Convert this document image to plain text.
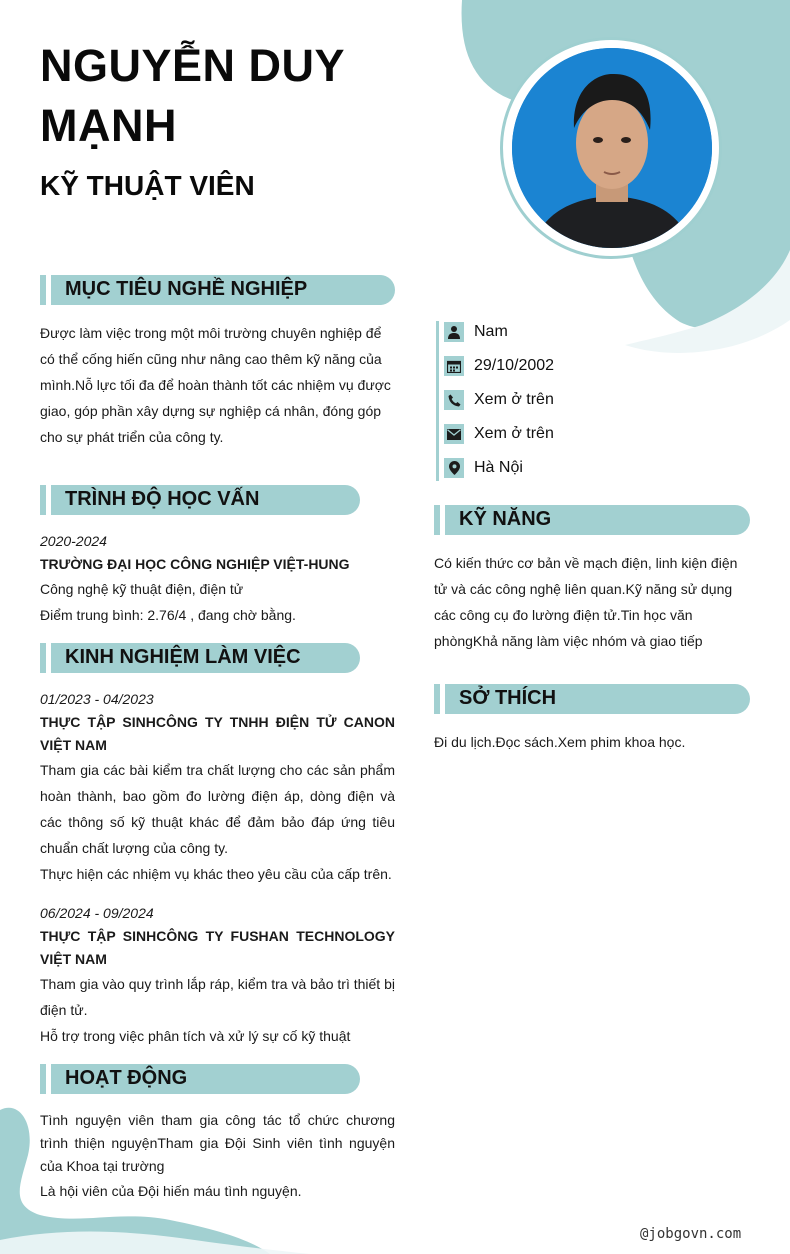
NGUYỄN DUY MẠNH
KỸ THUẬT VIÊN
MỤC TIÊU NGHỀ NGHIỆP
Được làm việc trong một môi trường chuyên nghiệp để có thể cống hiến cũng như nâng cao thêm kỹ năng của mình.Nỗ lực tối đa để hoàn thành tốt các nhiệm vụ được giao, góp phần xây dựng sự nghiệp cá nhân, đóng góp cho sự phát triển của công ty.
TRÌNH ĐỘ HỌC VẤN
2020-2024
TRƯỜNG ĐẠI HỌC CÔNG NGHIỆP VIỆT-HUNG
Công nghệ kỹ thuật điện, điện tử
Điểm trung bình: 2.76/4 , đang chờ bằng.
KINH NGHIỆM LÀM VIỆC
01/2023 - 04/2023
THỰC TẬP SINHCÔNG TY TNHH ĐIỆN TỬ CANON VIỆT NAM
Tham gia các bài kiểm tra chất lượng cho các sản phẩm hoàn thành, bao gồm đo lường điện áp, dòng điện và các thông số kỹ thuật khác để đảm bảo đáp ứng tiêu chuẩn chất lượng của công ty.
Thực hiện các nhiệm vụ khác theo yêu cầu của cấp trên.
06/2024 - 09/2024
THỰC TẬP SINHCÔNG TY FUSHAN TECHNOLOGY VIỆT NAM
Tham gia vào quy trình lắp ráp, kiểm tra và bảo trì thiết bị điện tử.
Hỗ trợ trong việc phân tích và xử lý sự cố kỹ thuật
HOẠT ĐỘNG
Tình nguyện viên tham gia công tác tổ chức chương trình thiện nguyệnTham gia Đội Sinh viên tình nguyện của Khoa tại trường
Là hội viên của Đội hiến máu tình nguyện.
Nam
29/10/2002
Xem ở trên
Xem ở trên
Hà Nội
KỸ NĂNG
Có kiến thức cơ bản về mạch điện, linh kiện điện tử và các công nghệ liên quan.Kỹ năng sử dụng các công cụ đo lường điện tử.Tin học văn phòngKhả năng làm việc nhóm và giao tiếp
SỞ THÍCH
Đi du lịch.Đọc sách.Xem phim khoa học.
@jobgovn.com
